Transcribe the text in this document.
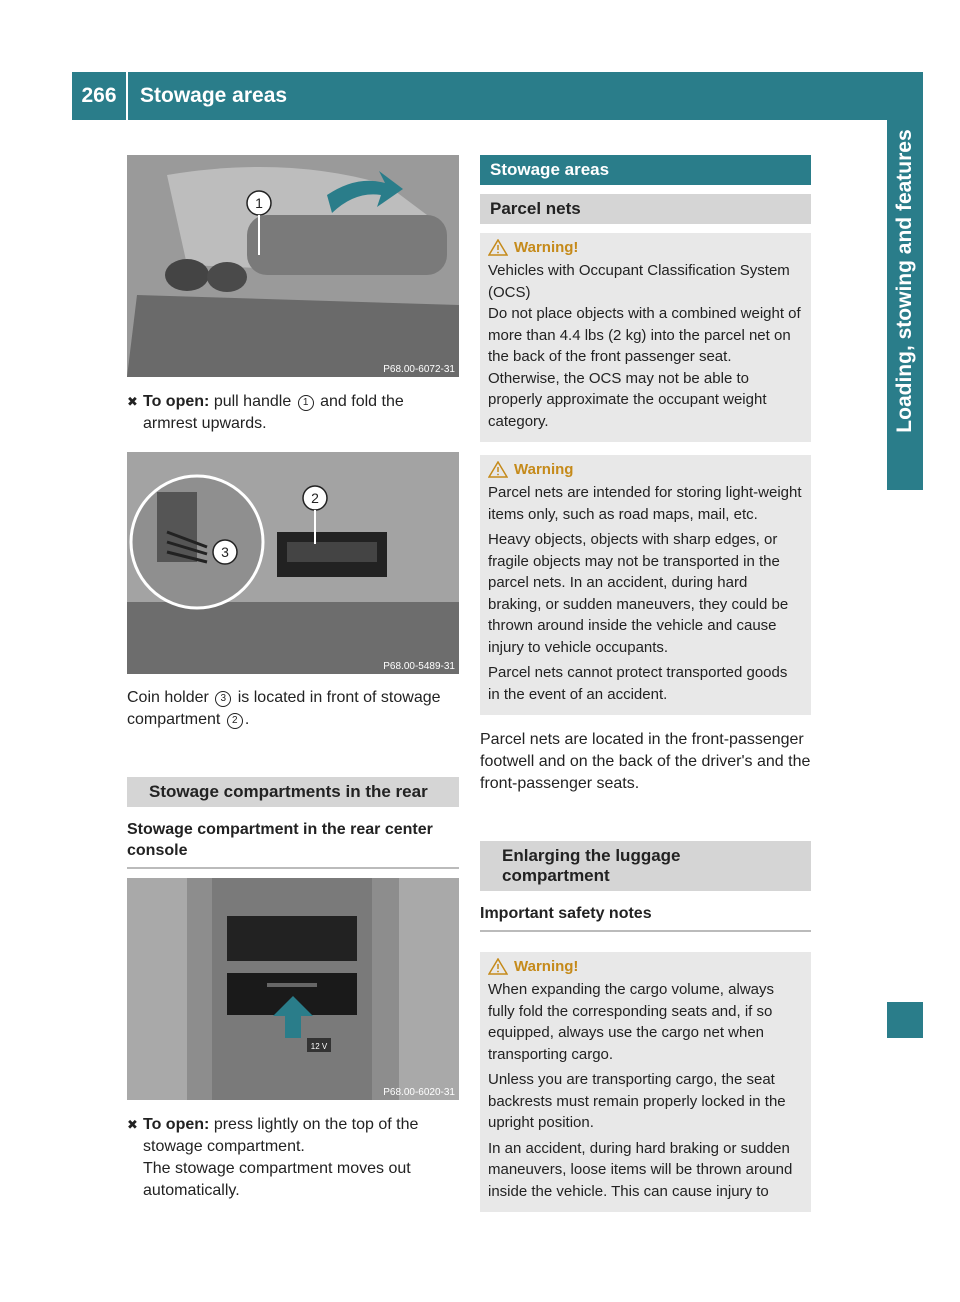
266	Stowage areas
Loading, stowing and features
1
P68.00-6072-31
✖ To open: pull handle 1 and fold the armrest upwards.
3
2
P68.00-5489-31

Coin holder 3 is located in front of stowage compartment 2 .

Stowage compartments in the rear
Stowage compartment in the rear center console
12 V
P68.00-6020-31
✖ To open: press lightly on the top of the stowage compartment.
The stowage compartment moves out automatically.
Stowage areas
Parcel nets
Warning!

Vehicles with Occupant Classification System (OCS)

Do not place objects with a combined weight of more than 4.4 lbs (2 kg) into the parcel net on the back of the front passenger seat. Otherwise, the OCS may not be able to properly approximate the occupant weight category.

Warning

Parcel nets are intended for storing light-weight items only, such as road maps, mail, etc.

Heavy objects, objects with sharp edges, or fragile objects may not be transported in the parcel nets. In an accident, during hard braking, or sudden maneuvers, they could be thrown around inside the vehicle and cause injury to vehicle occupants.

Parcel nets cannot protect transported goods in the event of an accident.

Parcel nets are located in the front-passenger footwell and on the back of the driver's and the front-passenger seats.

Enlarging the luggage compartment
Important safety notes
Warning!

When expanding the cargo volume, always fully fold the corresponding seats and, if so equipped, always use the cargo net when transporting cargo.

Unless you are transporting cargo, the seat backrests must remain properly locked in the upright position.

In an accident, during hard braking or sudden maneuvers, loose items will be thrown around inside the vehicle. This can cause injury to
